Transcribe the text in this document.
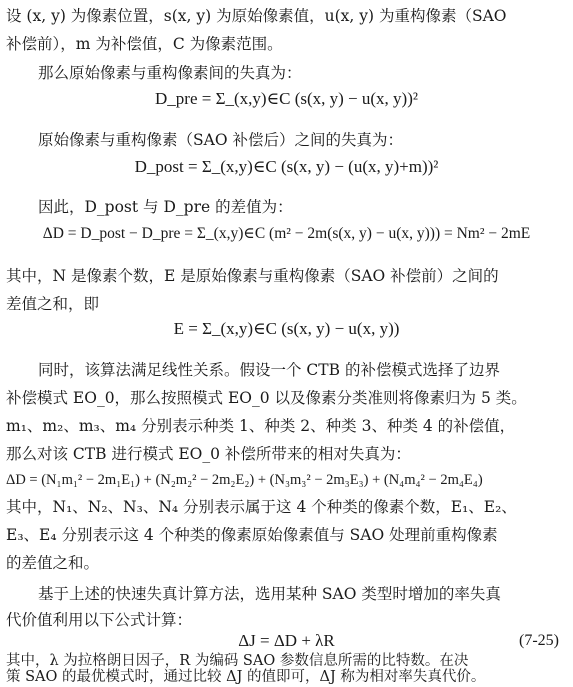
设 (x, y) 为像素位置，s(x, y) 为原始像素值，u(x, y) 为重构像素（SAO
补偿前），m 为补偿值，C 为像素范围。
那么原始像素与重构像素间的失真为：
D_pre = Σ_(x,y)∈C (s(x, y) − u(x, y))²
原始像素与重构像素（SAO 补偿后）之间的失真为：
D_post = Σ_(x,y)∈C (s(x, y) − (u(x, y)+m))²
因此，D_post 与 D_pre 的差值为：
ΔD = D_post − D_pre = Σ_(x,y)∈C (m² − 2m(s(x, y) − u(x, y))) = Nm² − 2mE
其中，N 是像素个数，E 是原始像素与重构像素（SAO 补偿前）之间的
差值之和，即
E = Σ_(x,y)∈C (s(x, y) − u(x, y))
同时，该算法满足线性关系。假设一个 CTB 的补偿模式选择了边界
补偿模式 EO_0，那么按照模式 EO_0 以及像素分类准则将像素归为 5 类。
m₁、m₂、m₃、m₄ 分别表示种类 1、种类 2、种类 3、种类 4 的补偿值，
那么对该 CTB 进行模式 EO_0 补偿所带来的相对失真为：
ΔD = (N₁m₁² − 2m₁E₁) + (N₂m₂² − 2m₂E₂) + (N₃m₃² − 2m₃E₃) + (N₄m₄² − 2m₄E₄)
其中，N₁、N₂、N₃、N₄ 分别表示属于这 4 个种类的像素个数，E₁、E₂、
E₃、E₄ 分别表示这 4 个种类的像素原始像素值与 SAO 处理前重构像素
的差值之和。
基于上述的快速失真计算方法，选用某种 SAO 类型时增加的率失真
代价值利用以下公式计算：
ΔJ = ΔD + λR	(7-25)
其中，λ 为拉格朗日因子，R 为编码 SAO 参数信息所需的比特数。在决
策 SAO 的最优模式时，通过比较 ΔJ 的值即可，ΔJ 称为相对率失真代价。
